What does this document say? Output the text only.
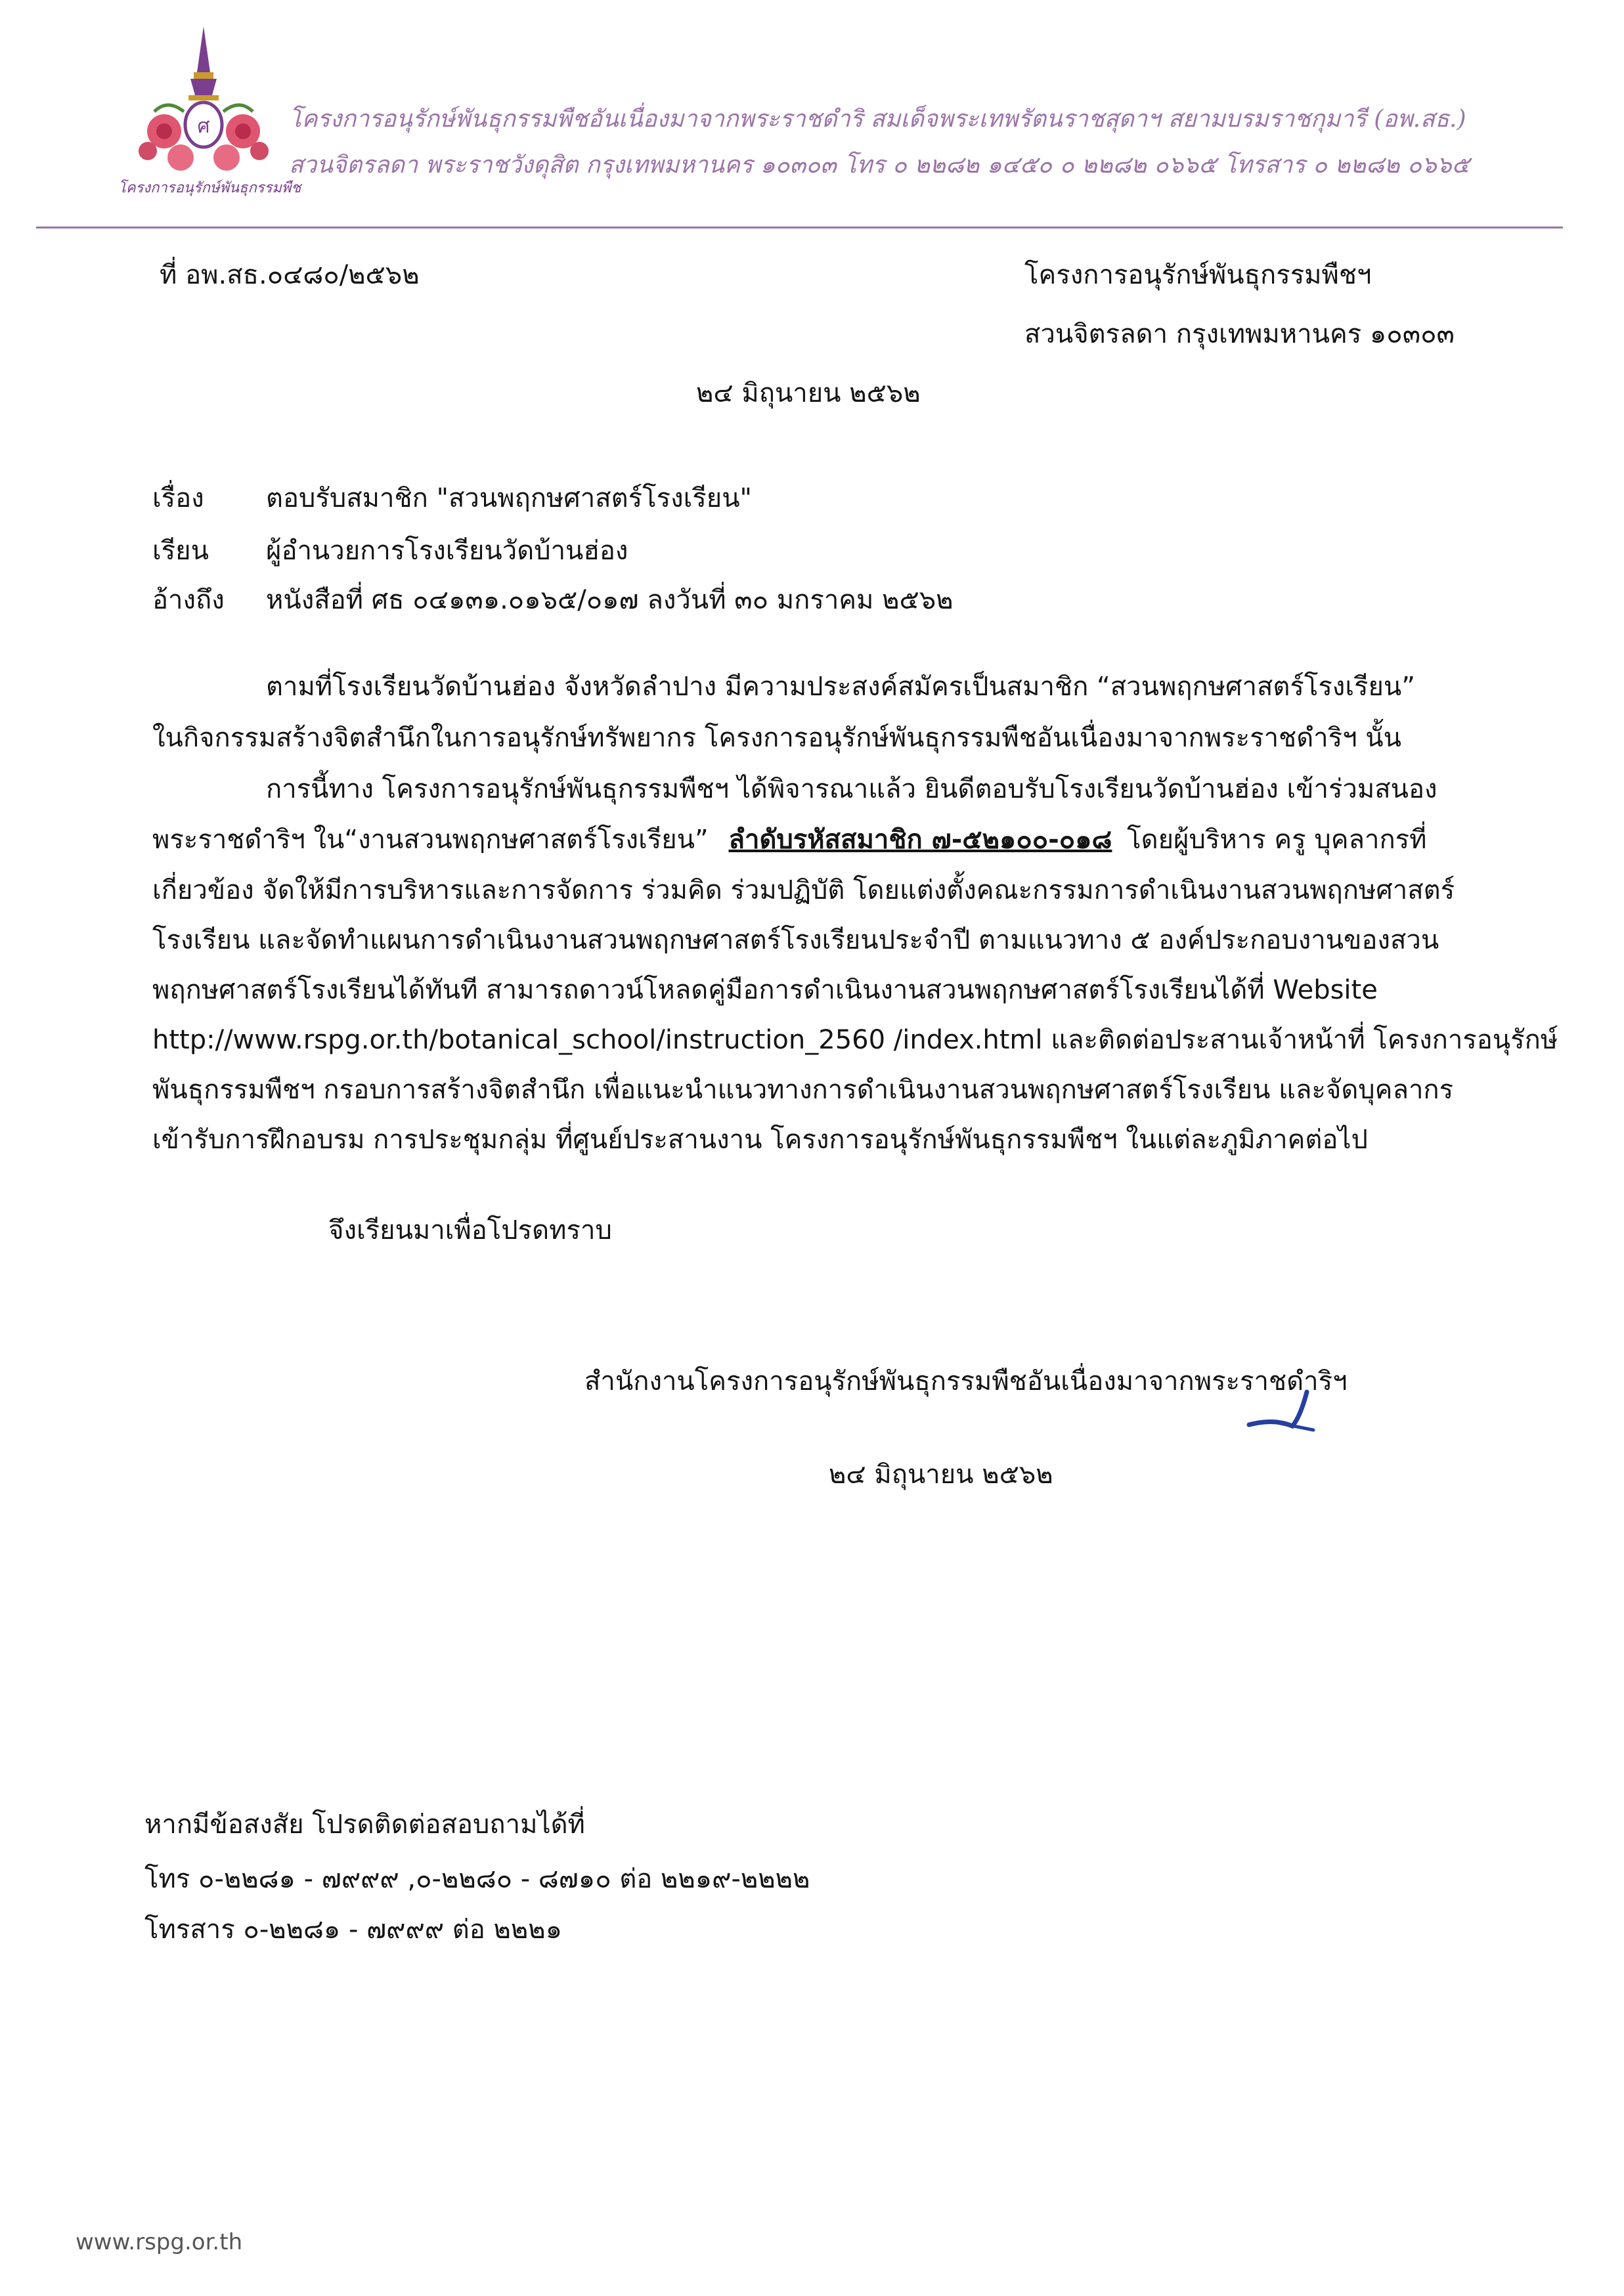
ศ
โครงการอนุรักษ์พันธุกรรมพืช
โครงการอนุรักษ์พันธุกรรมพืชอันเนื่องมาจากพระราชดำริ สมเด็จพระเทพรัตนราชสุดาฯ สยามบรมราชกุมารี (อพ.สธ.)
สวนจิตรลดา พระราชวังดุสิต กรุงเทพมหานคร ๑๐๓๐๓ โทร ๐ ๒๒๘๒ ๑๔๕๐ ๐ ๒๒๘๒ ๐๖๖๕ โทรสาร ๐ ๒๒๘๒ ๐๖๖๕
ที่ อพ.สธ.๐๔๘๐/๒๕๖๒	โครงการอนุรักษ์พันธุกรรมพืชฯ
สวนจิตรลดา กรุงเทพมหานคร ๑๐๓๐๓
๒๔ มิถุนายน ๒๕๖๒
เรื่อง ตอบรับสมาชิก "สวนพฤกษศาสตร์โรงเรียน"
เรียน ผู้อำนวยการโรงเรียนวัดบ้านฮ่อง
อ้างถึง หนังสือที่ ศธ ๐๔๑๓๑.๐๑๖๕/๐๑๗ ลงวันที่ ๓๐ มกราคม ๒๕๖๒
ตามที่โรงเรียนวัดบ้านฮ่อง จังหวัดลำปาง มีความประสงค์สมัครเป็นสมาชิก “สวนพฤกษศาสตร์โรงเรียน”
ในกิจกรรมสร้างจิตสำนึกในการอนุรักษ์ทรัพยากร โครงการอนุรักษ์พันธุกรรมพืชอันเนื่องมาจากพระราชดำริฯ นั้น
การนี้ทาง โครงการอนุรักษ์พันธุกรรมพืชฯ ได้พิจารณาแล้ว ยินดีตอบรับโรงเรียนวัดบ้านฮ่อง เข้าร่วมสนอง
พระราชดำริฯ ใน“งานสวนพฤกษศาสตร์โรงเรียน” ลำดับรหัสสมาชิก ๗-๕๒๑๐๐-๐๑๘ โดยผู้บริหาร ครู บุคลากรที่
เกี่ยวข้อง จัดให้มีการบริหารและการจัดการ ร่วมคิด ร่วมปฏิบัติ โดยแต่งตั้งคณะกรรมการดำเนินงานสวนพฤกษศาสตร์
โรงเรียน และจัดทำแผนการดำเนินงานสวนพฤกษศาสตร์โรงเรียนประจำปี ตามแนวทาง ๕ องค์ประกอบงานของสวน
พฤกษศาสตร์โรงเรียนได้ทันที สามารถดาวน์โหลดคู่มือการดำเนินงานสวนพฤกษศาสตร์โรงเรียนได้ที่ Website
http://www.rspg.or.th/botanical_school/instruction_2560 /index.html และติดต่อประสานเจ้าหน้าที่ โครงการอนุรักษ์
พันธุกรรมพืชฯ กรอบการสร้างจิตสำนึก เพื่อแนะนำแนวทางการดำเนินงานสวนพฤกษศาสตร์โรงเรียน และจัดบุคลากร
เข้ารับการฝึกอบรม การประชุมกลุ่ม ที่ศูนย์ประสานงาน โครงการอนุรักษ์พันธุกรรมพืชฯ ในแต่ละภูมิภาคต่อไป
จึงเรียนมาเพื่อโปรดทราบ
สำนักงานโครงการอนุรักษ์พันธุกรรมพืชอันเนื่องมาจากพระราชดำริฯ
๒๔ มิถุนายน ๒๕๖๒
หากมีข้อสงสัย โปรดติดต่อสอบถามได้ที่
โทร ๐-๒๒๘๑ - ๗๙๙๙ ,๐-๒๒๘๐ - ๘๗๑๐ ต่อ ๒๒๑๙-๒๒๒๒
โทรสาร ๐-๒๒๘๑ - ๗๙๙๙ ต่อ ๒๒๒๑
www.rspg.or.th
